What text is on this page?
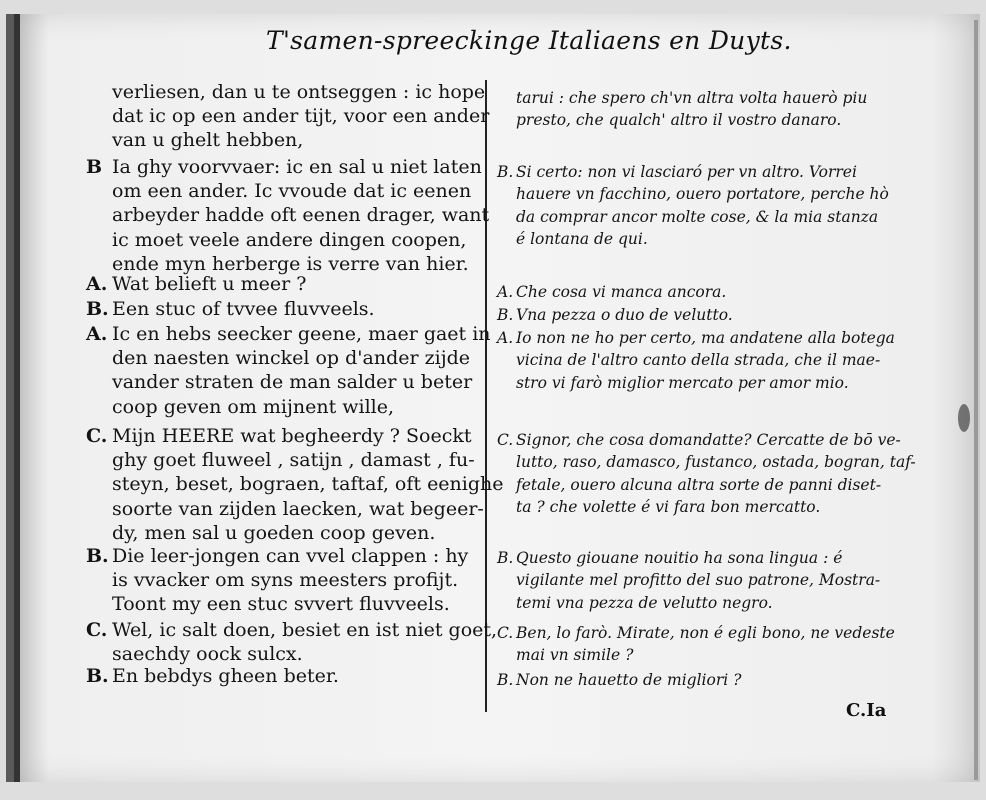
T'samen-spreeckinge Italiaens en Duyts.
C.Ia
verliesen, dan u te ontseggen : ic hope
dat ic op een ander tijt, voor een ander
van u ghelt hebben,
B Ia ghy voorvvaer: ic en sal u niet laten
om een ander. Ic vvoude dat ic eenen
arbeyder hadde oft eenen drager, want
ic moet veele andere dingen coopen,
ende myn herberge is verre van hier.
A. Wat belieft u meer ?
B. Een stuc of tvvee fluvveels.
A. Ic en hebs seecker geene, maer gaet in
den naesten winckel op d'ander zijde
vander straten de man salder u beter
coop geven om mijnent wille,
C. Mijn HEERE wat begheerdy ? Soeckt
ghy goet fluweel , satijn , damast , fu-
steyn, beset, bograen, taftaf, oft eenighe
soorte van zijden laecken, wat begeer-
dy, men sal u goeden coop geven.
B. Die leer-jongen can vvel clappen : hy
is vvacker om syns meesters profijt.
Toont my een stuc svvert fluvveels.
C. Wel, ic salt doen, besiet en ist niet goet,
saechdy oock sulcx.
B. En bebdys gheen beter.
tarui : che spero ch'vn altra volta hauerò piu
presto, che qualch' altro il vostro danaro.
B. Si certo: non vi lasciaró per vn altro. Vorrei
hauere vn facchino, ouero portatore, perche hò
da comprar ancor molte cose, & la mia stanza
é lontana de qui.
A. Che cosa vi manca ancora.
B. Vna pezza o duo de velutto.
A. Io non ne ho per certo, ma andatene alla botega
vicina de l'altro canto della strada, che il mae-
stro vi farò miglior mercato per amor mio.
C. Signor, che cosa domandatte? Cercatte de bō ve-
lutto, raso, damasco, fustanco, ostada, bogran, taf-
fetale, ouero alcuna altra sorte de panni diset-
ta ? che volette é vi fara bon mercatto.
B. Questo giouane nouitio ha sona lingua : é
vigilante mel profitto del suo patrone, Mostra-
temi vna pezza de velutto negro.
C. Ben, lo farò. Mirate, non é egli bono, ne vedeste
mai vn simile ?
B. Non ne hauetto de migliori ?
